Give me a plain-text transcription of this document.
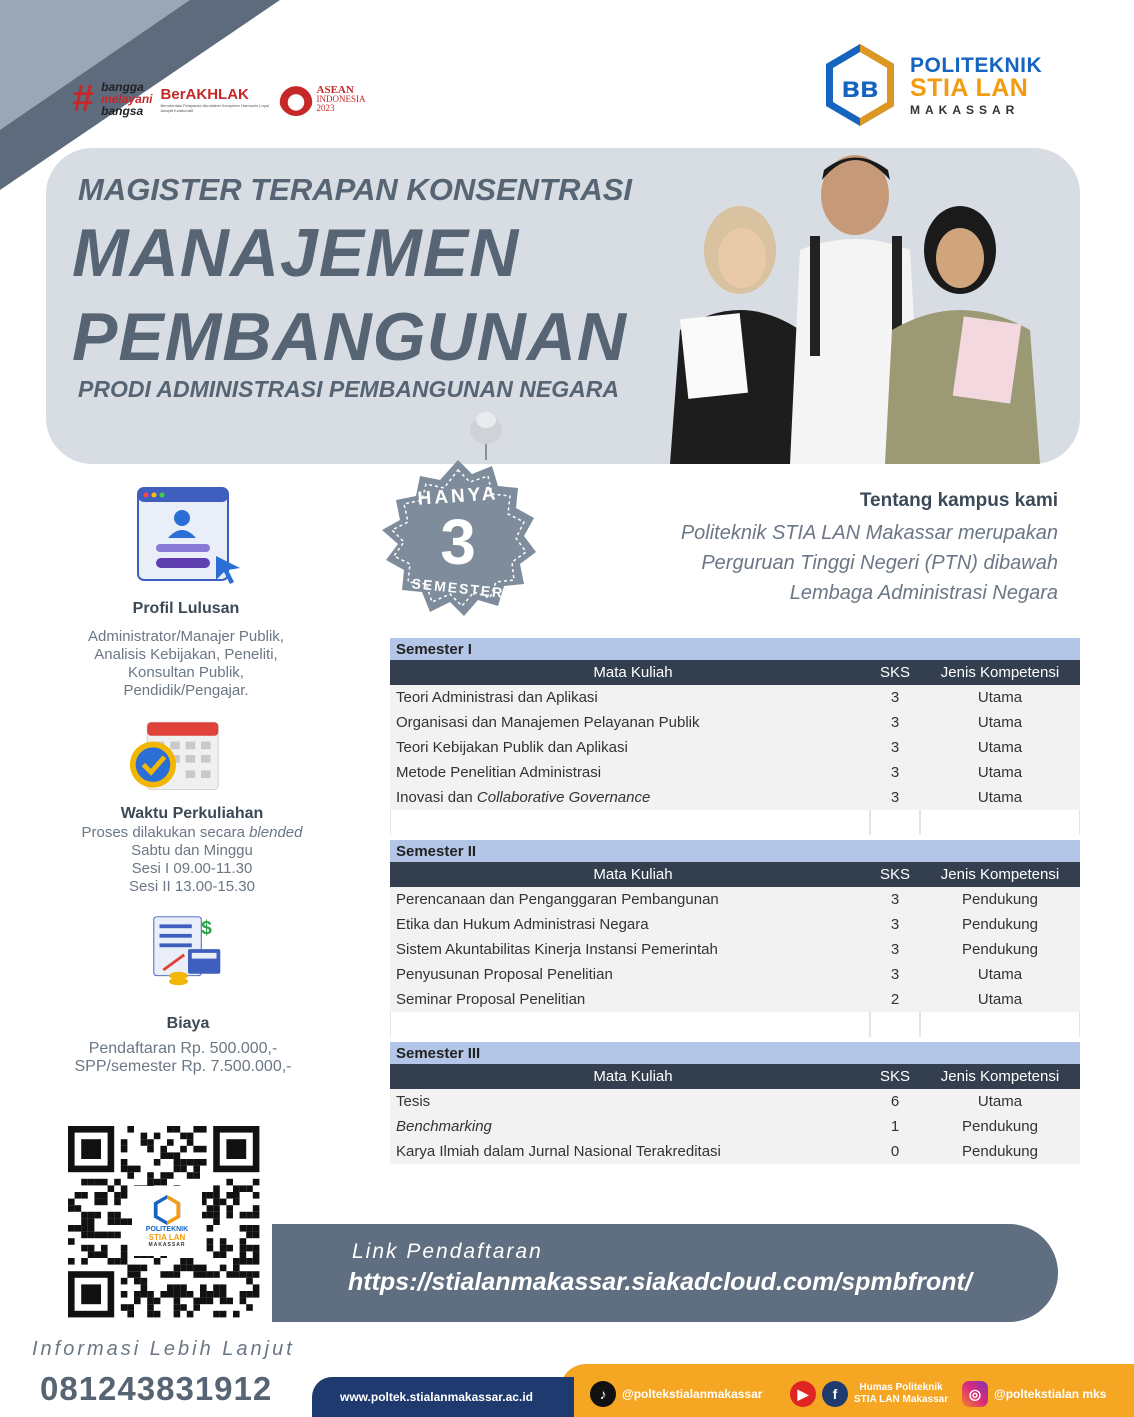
# bangga
melayani
bangsa
BerAKHLAK
Berorientasi Pelayanan Akuntabel Kompeten Harmonis Loyal Adaptif Kolaboratif
ASEAN
INDONESIA
2023
ʙʙ
POLITEKNIK
STIA LAN
MAKASSAR
MAGISTER TERAPAN KONSENTRASI
MANAJEMEN
PEMBANGUNAN
PRODI ADMINISTRASI PEMBANGUNAN NEGARA
HANYA
3
SEMESTER
Tentang kampus kami
Politeknik STIA LAN Makassar merupakan
Perguruan Tinggi Negeri (PTN) dibawah
Lembaga Administrasi Negara
Profil Lulusan
Administrator/Manajer Publik,
Analisis Kebijakan, Peneliti,
Konsultan Publik,
Pendidik/Pengajar.
Waktu Perkuliahan
Proses dilakukan secara blended
Sabtu dan Minggu
Sesi I 09.00-11.30
Sesi II 13.00-15.30
$
Biaya
Pendaftaran Rp. 500.000,-
SPP/semester Rp. 7.500.000,-
Semester I
Mata Kuliah	SKS	Jenis Kompetensi
Teori Administrasi dan Aplikasi	3	Utama
Organisasi dan Manajemen Pelayanan Publik	3	Utama
Teori Kebijakan Publik dan Aplikasi	3	Utama
Metode Penelitian Administrasi	3	Utama
Inovasi dan Collaborative Governance	3	Utama
Semester II
Mata Kuliah	SKS	Jenis Kompetensi
Perencanaan dan Penganggaran Pembangunan	3	Pendukung
Etika dan Hukum Administrasi Negara	3	Pendukung
Sistem Akuntabilitas Kinerja Instansi Pemerintah	3	Pendukung
Penyusunan Proposal Penelitian	3	Utama
Seminar Proposal Penelitian	2	Utama
Semester III
Mata Kuliah	SKS	Jenis Kompetensi
Tesis	6	Utama
Benchmarking	1	Pendukung
Karya Ilmiah dalam Jurnal Nasional Terakreditasi	0	Pendukung
Link Pendaftaran
https://stialanmakassar.siakadcloud.com/spmbfront/
POLITEKNIK
STIA LAN
MAKASSAR
Informasi Lebih Lanjut
081243831912	www.poltek.stialanmakassar.ac.id	♪	@poltekstialanmakassar	▶	f	Humas Politeknik
STIA LAN Makassar	◎	@poltekstialan mks
